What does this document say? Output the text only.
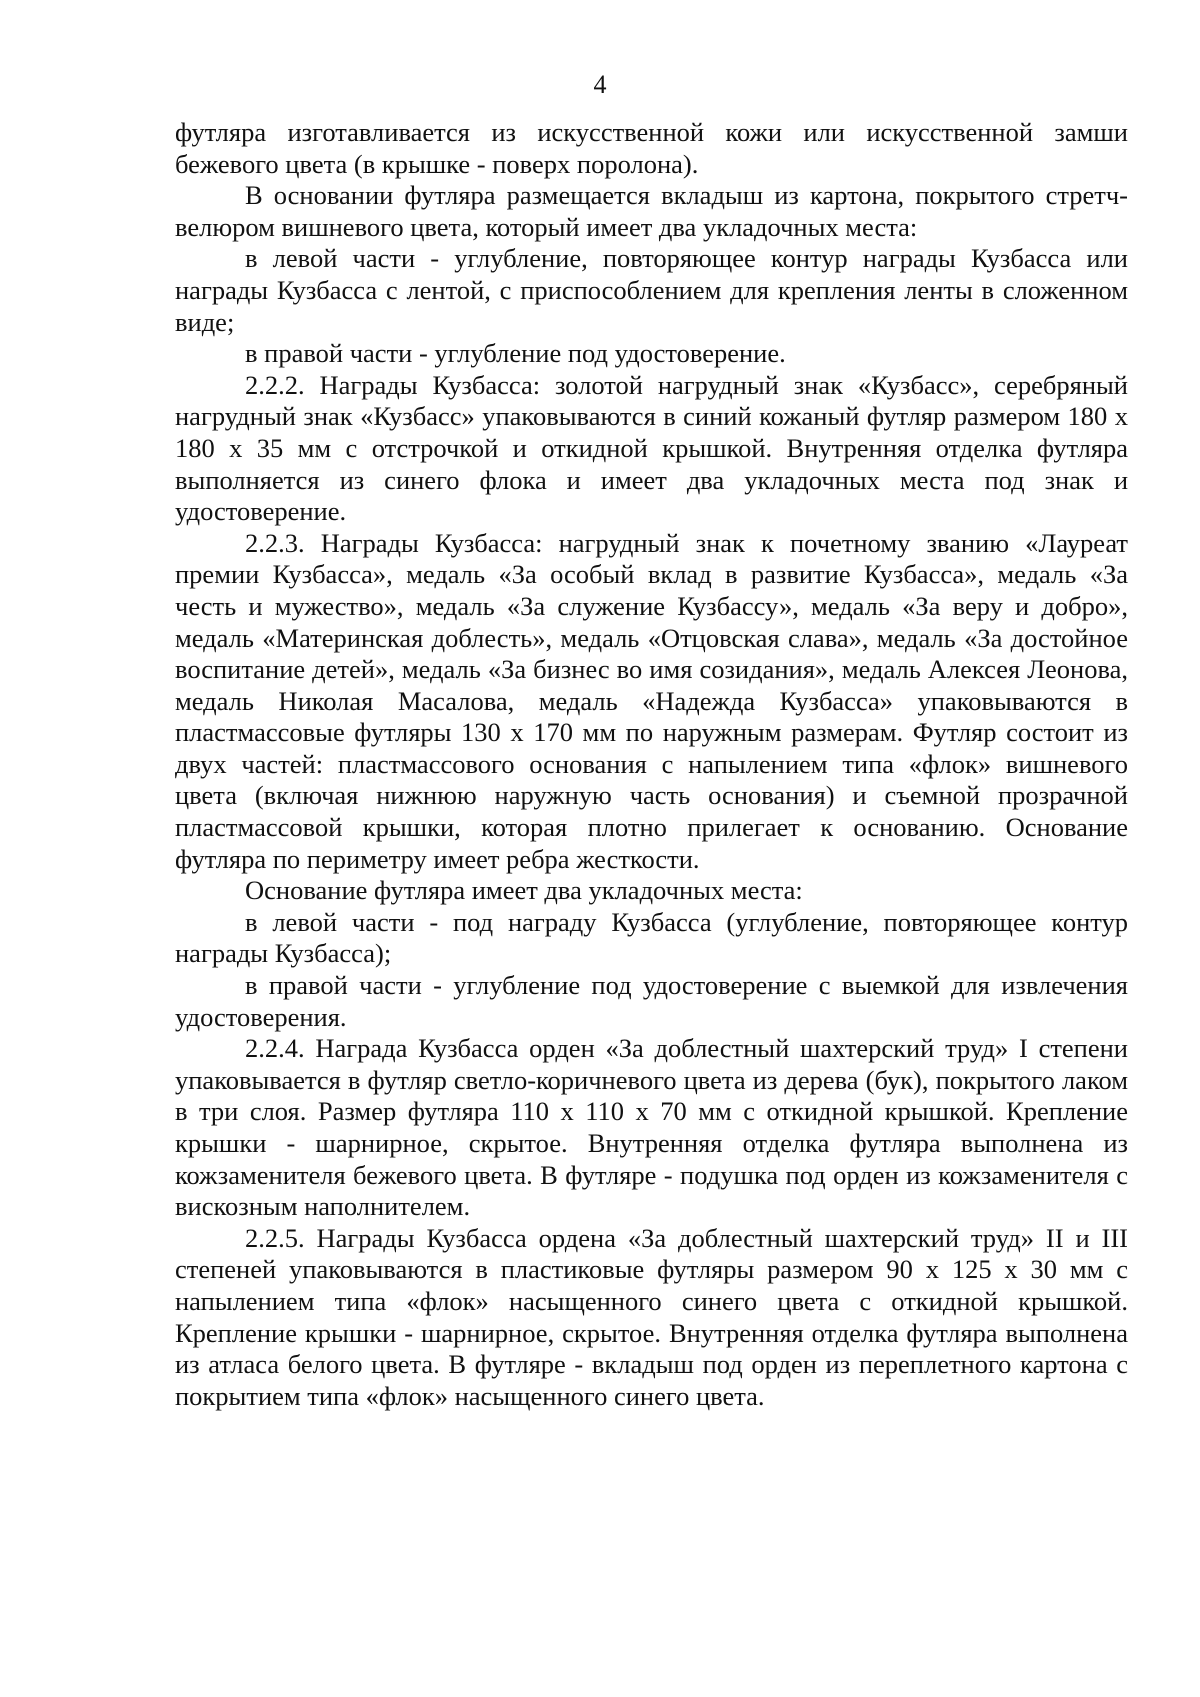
4

футляра изготавливается из искусственной кожи или искусственной замши бежевого цвета (в крышке - поверх поролона).

В основании футляра размещается вкладыш из картона, покрытого стретч-велюром вишневого цвета, который имеет два укладочных места:

в левой части - углубление, повторяющее контур награды Кузбасса или награды Кузбасса с лентой, с приспособлением для крепления ленты в сложенном виде;

в правой части - углубление под удостоверение.

2.2.2. Награды Кузбасса: золотой нагрудный знак «Кузбасс», серебряный нагрудный знак «Кузбасс» упаковываются в синий кожаный футляр размером 180 х 180 х 35 мм с отстрочкой и откидной крышкой. Внутренняя отделка футляра выполняется из синего флока и имеет два укладочных места под знак и удостоверение.

2.2.3. Награды Кузбасса: нагрудный знак к почетному званию «Лауреат премии Кузбасса», медаль «За особый вклад в развитие Кузбасса», медаль «За честь и мужество», медаль «За служение Кузбассу», медаль «За веру и добро», медаль «Материнская доблесть», медаль «Отцовская слава», медаль «За достойное воспитание детей», медаль «За бизнес во имя созидания», медаль Алексея Леонова, медаль Николая Масалова, медаль «Надежда Кузбасса» упаковываются в пластмассовые футляры 130 х 170 мм по наружным размерам. Футляр состоит из двух частей: пластмассового основания с напылением типа «флок» вишневого цвета (включая нижнюю наружную часть основания) и съемной прозрачной пластмассовой крышки, которая плотно прилегает к основанию. Основание футляра по периметру имеет ребра жесткости.

Основание футляра имеет два укладочных места:

в левой части - под награду Кузбасса (углубление, повторяющее контур награды Кузбасса);

в правой части - углубление под удостоверение с выемкой для извлечения удостоверения.

2.2.4. Награда Кузбасса орден «За доблестный шахтерский труд» I степени упаковывается в футляр светло-коричневого цвета из дерева (бук), покрытого лаком в три слоя. Размер футляра 110 х 110 х 70 мм с откидной крышкой. Крепление крышки - шарнирное, скрытое. Внутренняя отделка футляра выполнена из кожзаменителя бежевого цвета. В футляре - подушка под орден из кожзаменителя с вискозным наполнителем.

2.2.5. Награды Кузбасса ордена «За доблестный шахтерский труд» II и III степеней упаковываются в пластиковые футляры размером 90 х 125 х 30 мм с напылением типа «флок» насыщенного синего цвета с откидной крышкой. Крепление крышки - шарнирное, скрытое. Внутренняя отделка футляра выполнена из атласа белого цвета. В футляре - вкладыш под орден из переплетного картона с покрытием типа «флок» насыщенного синего цвета.
